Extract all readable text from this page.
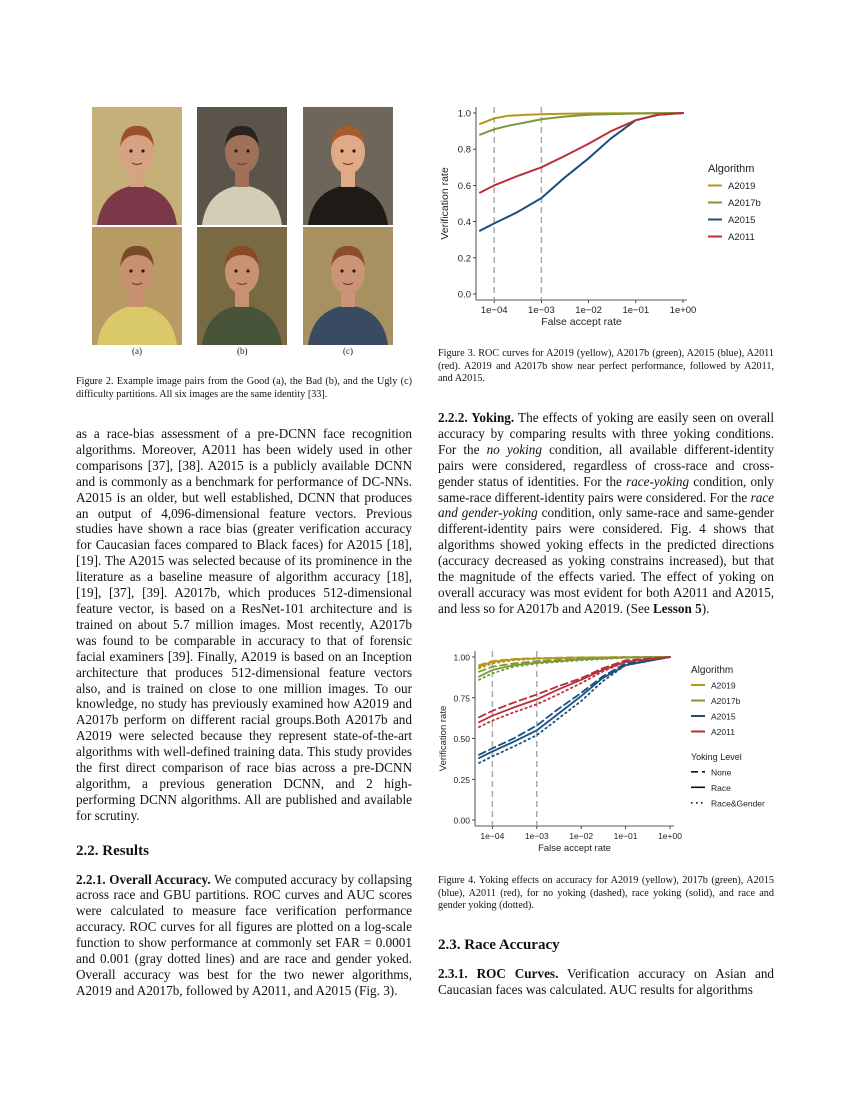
(a)	(b)	(c)
Figure 2. Example image pairs from the Good (a), the Bad (b), and the Ugly (c) difficulty partitions. All six images are the same identity [33].
0.0
0.2
0.4
0.6
0.8
1.0
1e−04 1e−03 1e−02 1e−01 1e+00
False accept rate
Verification rate	Algorithm
A2019
A2017b
A2015
A2011
Figure 3. ROC curves for A2019 (yellow), A2017b (green), A2015 (blue), A2011 (red). A2019 and A2017b show near perfect performance, followed by A2011, and A2015.

as a race-bias assessment of a pre-DCNN face recognition algorithms. Moreover, A2011 has been widely used in other comparisons [37], [38]. A2015 is a publicly available DCNN and is commonly as a benchmark for performance of DC-NNs. A2015 is an older, but well established, DCNN that produces an output of 4,096-dimensional feature vectors. Previous studies have shown a race bias (greater verification accuracy for Caucasian faces compared to Black faces) for A2015 [18], [19]. The A2015 was selected because of its prominence in the literature as a baseline measure of algorithm accuracy [18], [19], [37], [39]. A2017b, which produces 512-dimensional feature vector, is based on a ResNet-101 architecture and is trained on about 5.7 million images. Most recently, A2017b was found to be comparable in accuracy to that of forensic facial examiners [39]. Finally, A2019 is based on an Inception architecture that produces 512-dimensional feature vectors also, and is trained on close to one million images. To our knowledge, no study has previously examined how A2019 and A2017b perform on different racial groups.Both A2017b and A2019 were selected because they represent state-of-the-art algorithms with well-defined training data. This study provides the first direct comparison of race bias across a pre-DCNN algorithm, a previous generation DCNN, and 2 high-performing DCNN algorithms. All are published and available for scrutiny.

2.2. Results

2.2.1. Overall Accuracy. We computed accuracy by collapsing across race and GBU partitions. ROC curves and AUC scores were calculated to measure face verification performance accuracy. ROC curves for all figures are plotted on a log-scale function to show performance at commonly set FAR = 0.0001 and 0.001 (gray dotted lines) and are race and gender yoked. Overall accuracy was best for the two newer algorithms, A2019 and A2017b, followed by A2011, and A2015 (Fig. 3).

2.2.2. Yoking. The effects of yoking are easily seen on overall accuracy by comparing results with three yoking conditions. For the no yoking condition, all available different-identity pairs were considered, regardless of cross-race and cross-gender status of identities. For the race-yoking condition, only same-race different-identity pairs were considered. For the race and gender-yoking condition, only same-race and same-gender different-identity pairs were considered. Fig. 4 shows that algorithms showed yoking effects in the predicted directions (accuracy decreased as yoking constrains increased), but that the magnitude of the effects varied. The effect of yoking on overall accuracy was most evident for both A2011 and A2015, and less so for A2017b and A2019. (See Lesson 5).

0.00
0.25
0.50
0.75
1.00
1e−04 1e−03 1e−02 1e−01 1e+00
False accept rate
Verification rate
Algorithm
A2019
A2017b
A2015
A2011
Yoking Level
None
Race
Race&Gender
Figure 4. Yoking effects on accuracy for A2019 (yellow), 2017b (green), A2015 (blue), A2011 (red), for no yoking (dashed), race yoking (solid), and race and gender yoking (dotted).
2.3. Race Accuracy

2.3.1. ROC Curves. Verification accuracy on Asian and Caucasian faces was calculated. AUC results for algorithms
